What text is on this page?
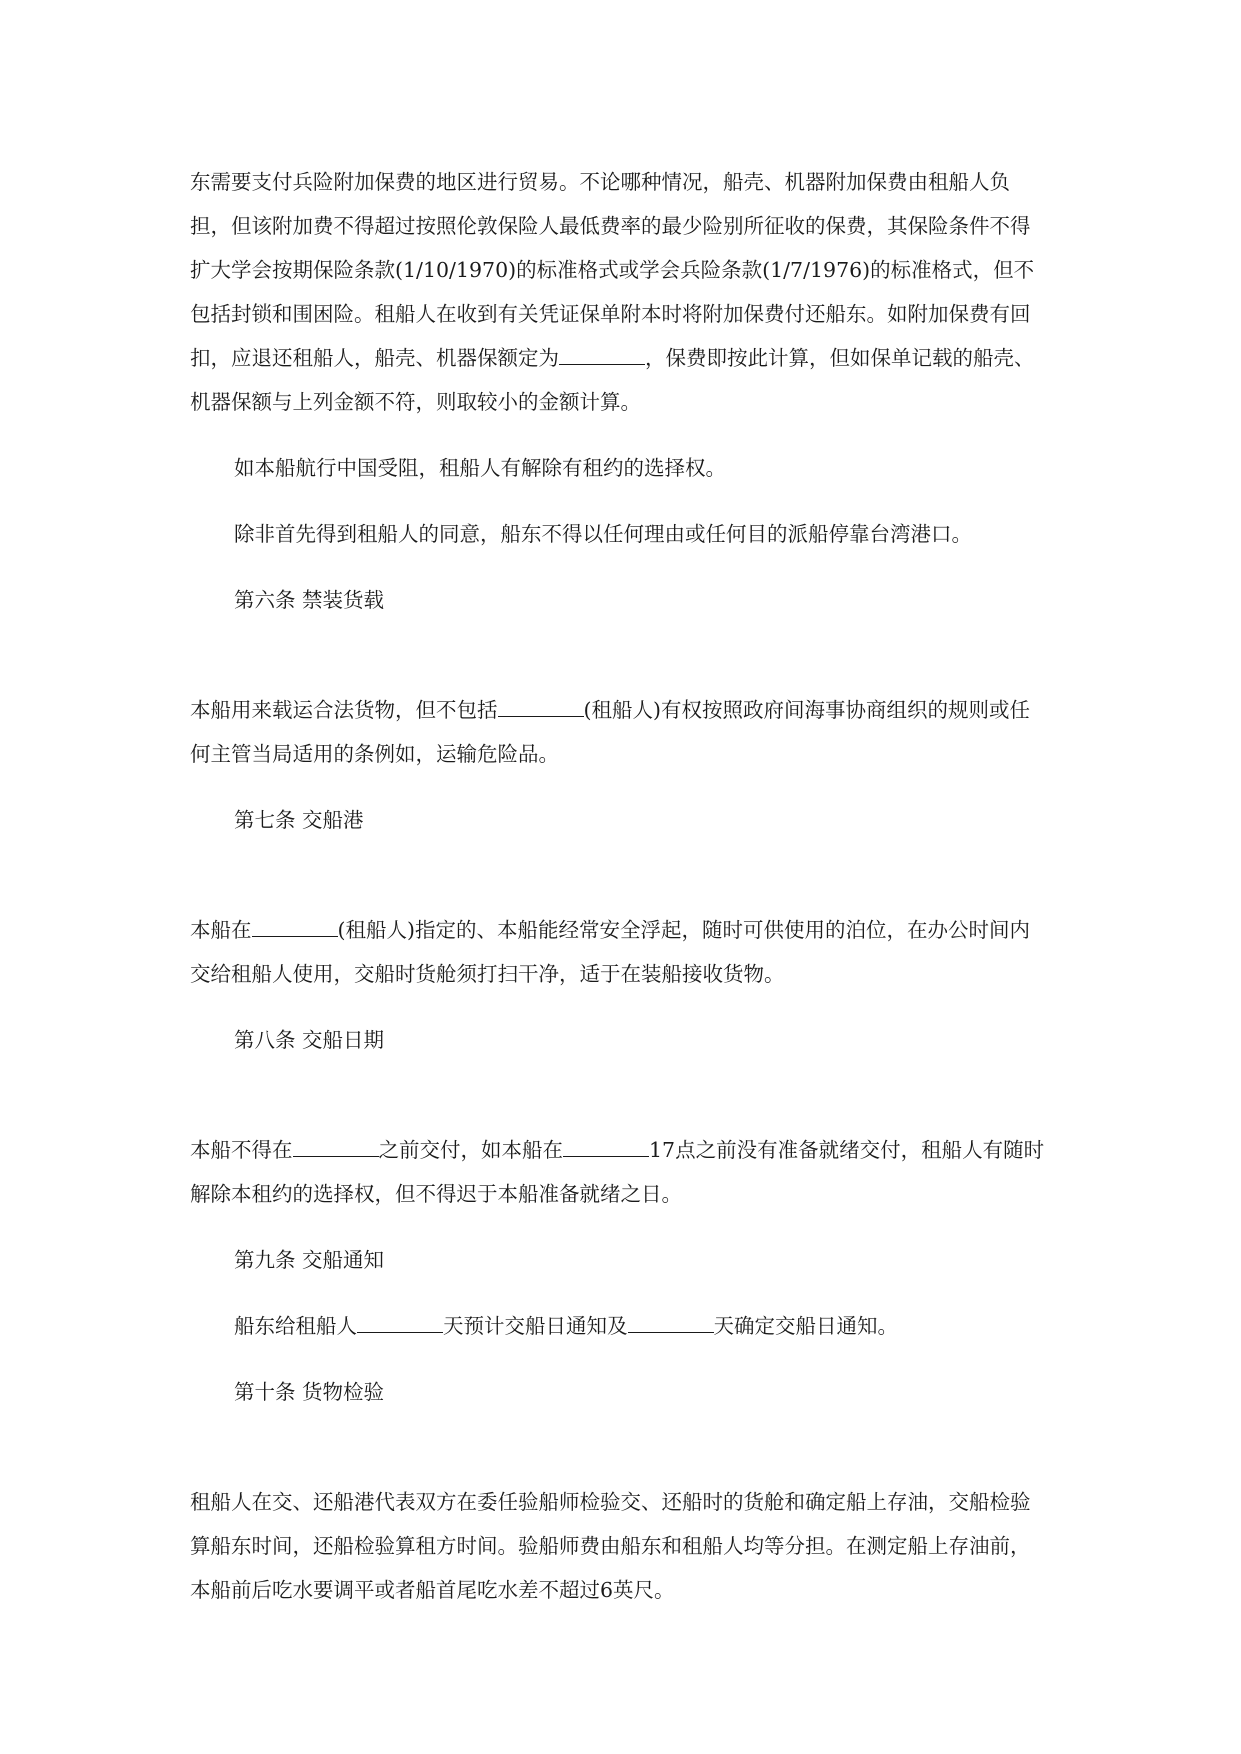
东需要支付兵险附加保费的地区进行贸易。不论哪种情况，船壳、机器附加保费由租船人负担，但该附加费不得超过按照伦敦保险人最低费率的最少险别所征收的保费，其保险条件不得扩大学会按期保险条款(1/10/1970)的标准格式或学会兵险条款(1/7/1976)的标准格式，但不包括封锁和围困险。租船人在收到有关凭证保单附本时将附加保费付还船东。如附加保费有回扣，应退还租船人，船壳、机器保额定为	，保费即按此计算，但如保单记载的船壳、机器保额与上列金额不符，则取较小的金额计算。

如本船航行中国受阻，租船人有解除有租约的选择权。

除非首先得到租船人的同意，船东不得以任何理由或任何目的派船停靠台湾港口。

第六条 禁装货载

本船用来载运合法货物，但不包括	(租船人)有权按照政府间海事协商组织的规则或任何主管当局适用的条例如，运输危险品。

第七条 交船港

本船在	(租船人)指定的、本船能经常安全浮起，随时可供使用的泊位，在办公时间内交给租船人使用，交船时货舱须打扫干净，适于在装船接收货物。

第八条 交船日期

本船不得在	之前交付，如本船在	17点之前没有准备就绪交付，租船人有随时解除本租约的选择权，但不得迟于本船准备就绪之日。

第九条 交船通知

船东给租船人	天预计交船日通知及	天确定交船日通知。

第十条 货物检验

租船人在交、还船港代表双方在委任验船师检验交、还船时的货舱和确定船上存油，交船检验算船东时间，还船检验算租方时间。验船师费由船东和租船人均等分担。在测定船上存油前，本船前后吃水要调平或者船首尾吃水差不超过6英尺。
